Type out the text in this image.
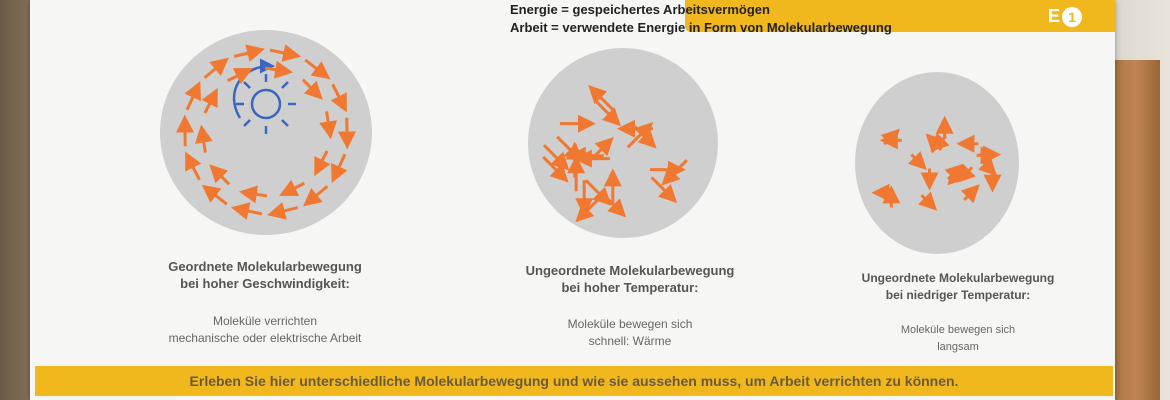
E 1
Energie = gespeichertes Arbeitsvermögen
Arbeit = verwendete Energie in Form von Molekularbewegung
Geordnete Molekularbewegung
bei hoher Geschwindigkeit:
Moleküle verrichten
mechanische oder elektrische Arbeit
Ungeordnete Molekularbewegung
bei hoher Temperatur:
Moleküle bewegen sich
schnell: Wärme
Ungeordnete Molekularbewegung
bei niedriger Temperatur:
Moleküle bewegen sich
langsam
Erleben Sie hier unterschiedliche Molekularbewegung und wie sie aussehen muss, um Arbeit verrichten zu können.
